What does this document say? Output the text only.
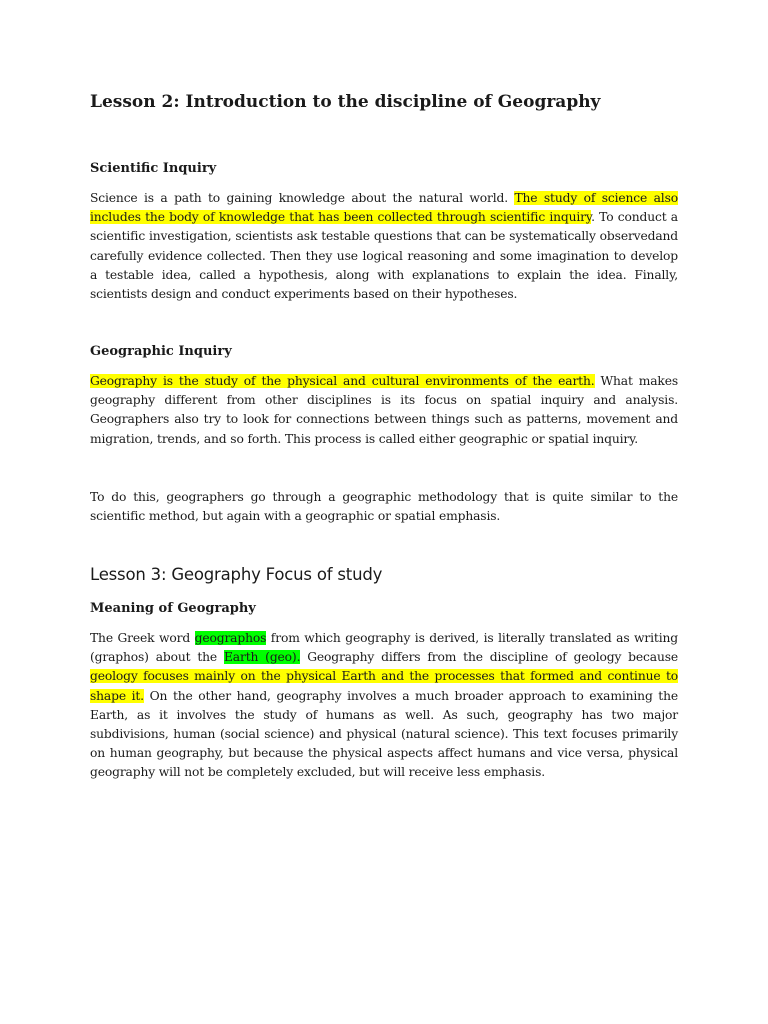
Lesson 2: Introduction to the discipline of Geography
Scientific Inquiry

Science is a path to gaining knowledge about the natural world. The study of science also includes the body of knowledge that has been collected through scientific inquiry. To conduct a scientific investigation, scientists ask testable questions that can be systematically observedand carefully evidence collected. Then they use logical reasoning and some imagination to develop a testable idea, called a hypothesis, along with explanations to explain the idea. Finally, scientists design and conduct experiments based on their hypotheses.

Geographic Inquiry

Geography is the study of the physical and cultural environments of the earth. What makes geography different from other disciplines is its focus on spatial inquiry and analysis. Geographers also try to look for connections between things such as patterns, movement and migration, trends, and so forth. This process is called either geographic or spatial inquiry.

To do this, geographers go through a geographic methodology that is quite similar to the scientific method, but again with a geographic or spatial emphasis.

Lesson 3: Geography Focus of study
Meaning of Geography

The Greek word geographos from which geography is derived, is literally translated as writing (graphos) about the Earth (geo). Geography differs from the discipline of geology because geology focuses mainly on the physical Earth and the processes that formed and continue to shape it. On the other hand, geography involves a much broader approach to examining the Earth, as it involves the study of humans as well. As such, geography has two major subdivisions, human (social science) and physical (natural science). This text focuses primarily on human geography, but because the physical aspects affect humans and vice versa, physical geography will not be completely excluded, but will receive less emphasis.
